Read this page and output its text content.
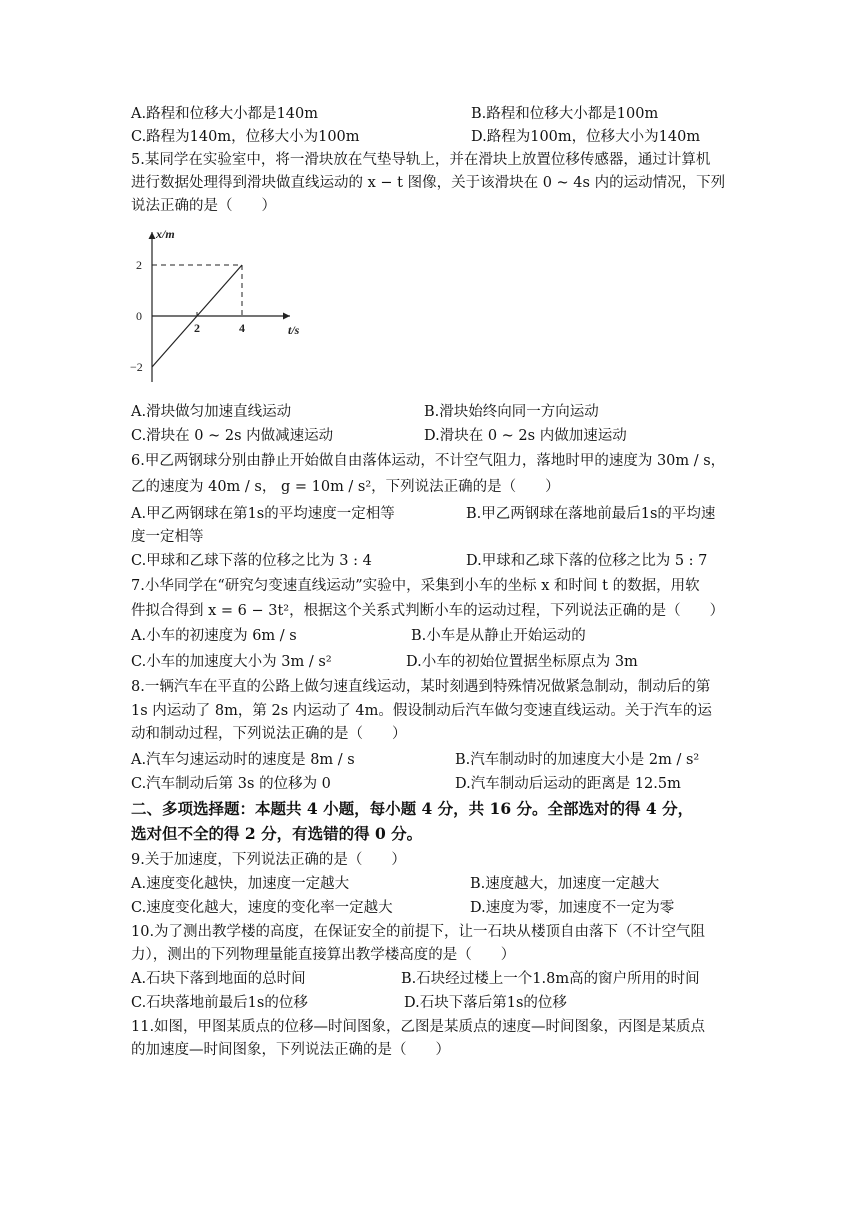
A.路程和位移大小都是140m	B.路程和位移大小都是100m
C.路程为140m，位移大小为100m	D.路程为100m，位移大小为140m
5.某同学在实验室中，将一滑块放在气垫导轨上，并在滑块上放置位移传感器，通过计算机
进行数据处理得到滑块做直线运动的 x − t 图像，关于该滑块在 0 ~ 4s 内的运动情况，下列
说法正确的是（　　）
x/m
t/s
2	4
2
0
−2
A.滑块做匀加速直线运动	B.滑块始终向同一方向运动
C.滑块在 0 ~ 2s 内做减速运动	D.滑块在 0 ~ 2s 内做加速运动
6.甲乙两钢球分别由静止开始做自由落体运动，不计空气阻力，落地时甲的速度为 30m / s，
乙的速度为 40m / s， g = 10m / s²，下列说法正确的是（　　）
A.甲乙两钢球在第1s的平均速度一定相等	B.甲乙两钢球在落地前最后1s的平均速
度一定相等
C.甲球和乙球下落的位移之比为 3 : 4	D.甲球和乙球下落的位移之比为 5 : 7
7.小华同学在“研究匀变速直线运动”实验中，采集到小车的坐标 x 和时间 t 的数据，用软
件拟合得到 x = 6 − 3t²，根据这个关系式判断小车的运动过程，下列说法正确的是（　　）
A.小车的初速度为 6m / s	B.小车是从静止开始运动的
C.小车的加速度大小为 3m / s²	D.小车的初始位置据坐标原点为 3m
8.一辆汽车在平直的公路上做匀速直线运动，某时刻遇到特殊情况做紧急制动，制动后的第
1s 内运动了 8m，第 2s 内运动了 4m。假设制动后汽车做匀变速直线运动。关于汽车的运
动和制动过程，下列说法正确的是（　　）
A.汽车匀速运动时的速度是 8m / s	B.汽车制动时的加速度大小是 2m / s²
C.汽车制动后第 3s 的位移为 0	D.汽车制动后运动的距离是 12.5m
二、多项选择题：本题共 4 小题，每小题 4 分，共 16 分。全部选对的得 4 分，
选对但不全的得 2 分，有选错的得 0 分。
9.关于加速度，下列说法正确的是（　　）
A.速度变化越快，加速度一定越大	B.速度越大，加速度一定越大
C.速度变化越大，速度的变化率一定越大	D.速度为零，加速度不一定为零
10.为了测出教学楼的高度，在保证安全的前提下，让一石块从楼顶自由落下（不计空气阻
力），测出的下列物理量能直接算出教学楼高度的是（　　）
A.石块下落到地面的总时间	B.石块经过楼上一个1.8m高的窗户所用的时间
C.石块落地前最后1s的位移	D.石块下落后第1s的位移
11.如图，甲图某质点的位移—时间图象，乙图是某质点的速度—时间图象，丙图是某质点
的加速度—时间图象，下列说法正确的是（　　）
